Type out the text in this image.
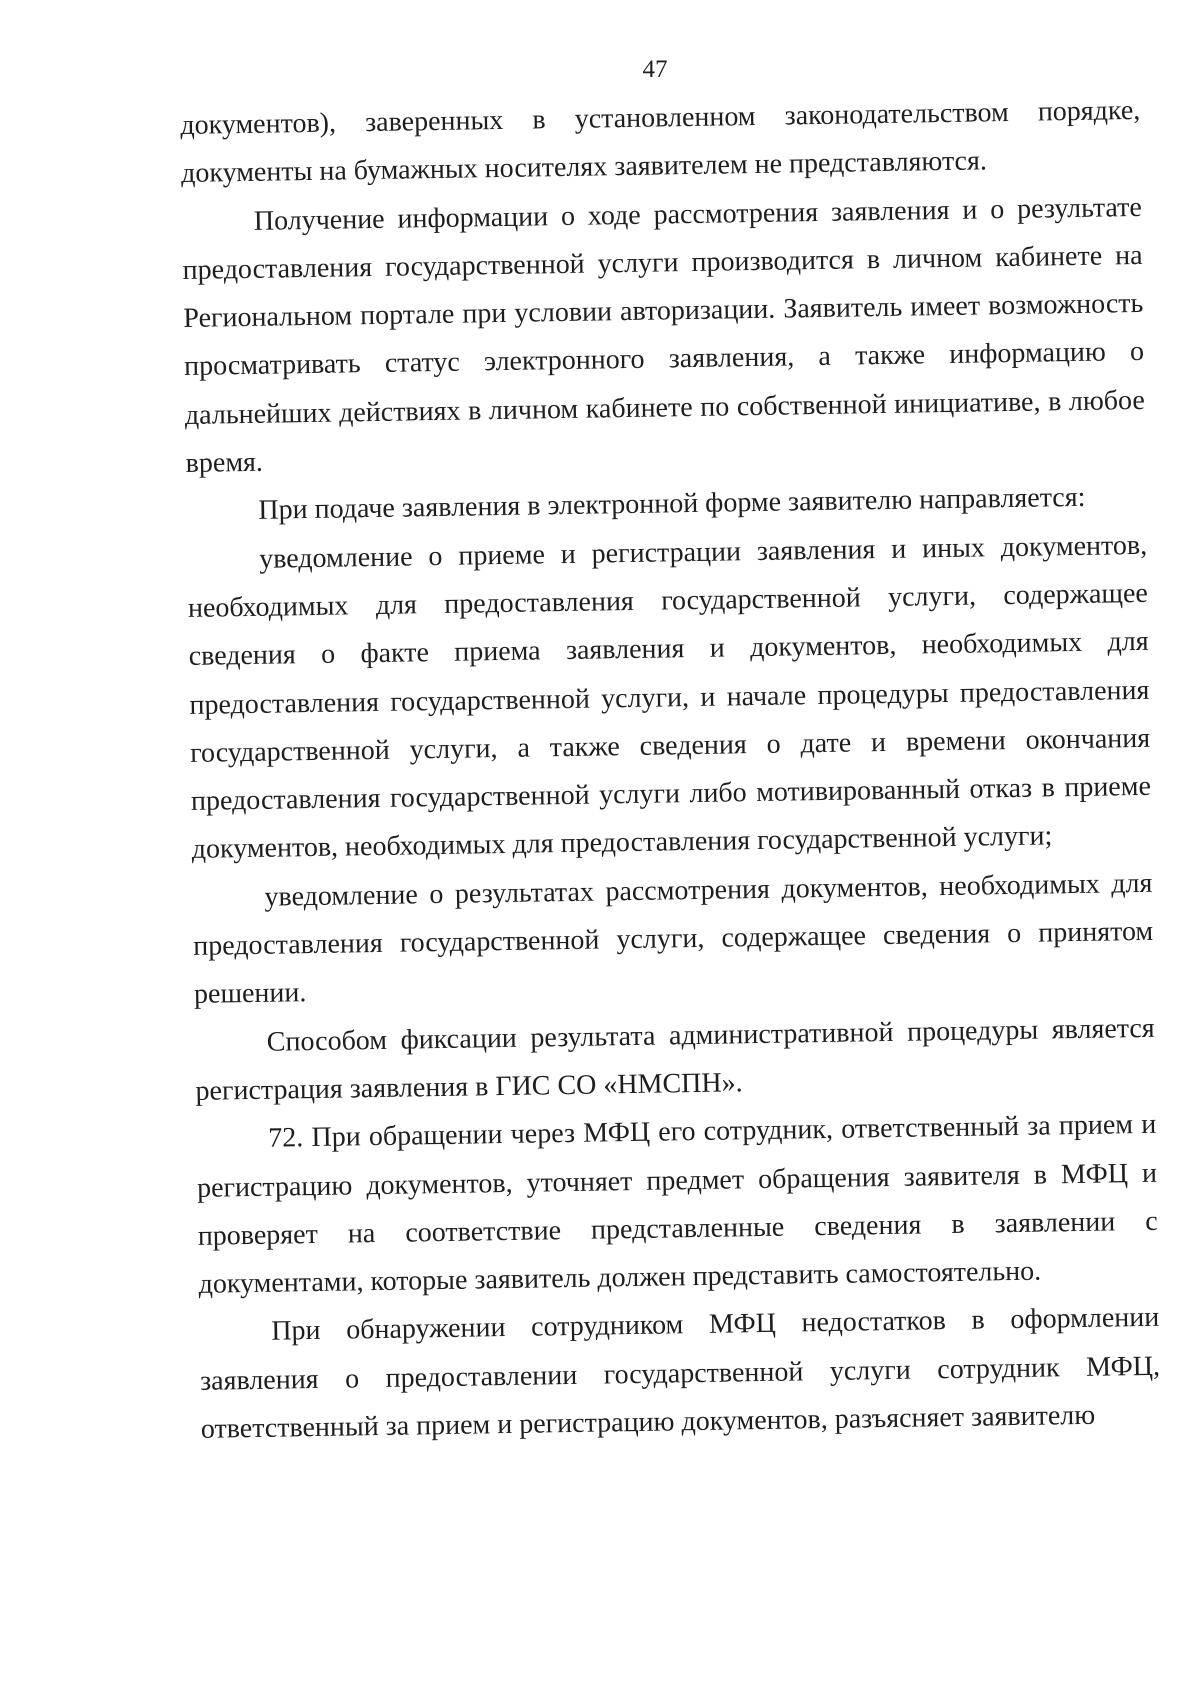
47

документов), заверенных в установленном законодательством порядке, документы на бумажных носителях заявителем не представляются.

Получение информации о ходе рассмотрения заявления и о результате предоставления государственной услуги производится в личном кабинете на Региональном портале при условии авторизации. Заявитель имеет возможность просматривать статус электронного заявления, а также информацию о дальнейших действиях в личном кабинете по собственной инициативе, в любое время.

При подаче заявления в электронной форме заявителю направляется:

уведомление о приеме и регистрации заявления и иных документов, необходимых для предоставления государственной услуги, содержащее сведения о факте приема заявления и документов, необходимых для предоставления государственной услуги, и начале процедуры предоставления государственной услуги, а также сведения о дате и времени окончания предоставления государственной услуги либо мотивированный отказ в приеме документов, необходимых для предоставления государственной услуги;

уведомление о результатах рассмотрения документов, необходимых для предоставления государственной услуги, содержащее сведения о принятом решении.

Способом фиксации результата административной процедуры является регистрация заявления в ГИС СО «НМСПН».

72. При обращении через МФЦ его сотрудник, ответственный за прием и регистрацию документов, уточняет предмет обращения заявителя в МФЦ и проверяет на соответствие представленные сведения в заявлении с документами, которые заявитель должен представить самостоятельно.

При обнаружении сотрудником МФЦ недостатков в оформлении заявления о предоставлении государственной услуги сотрудник МФЦ, ответственный за прием и регистрацию документов, разъясняет заявителю
